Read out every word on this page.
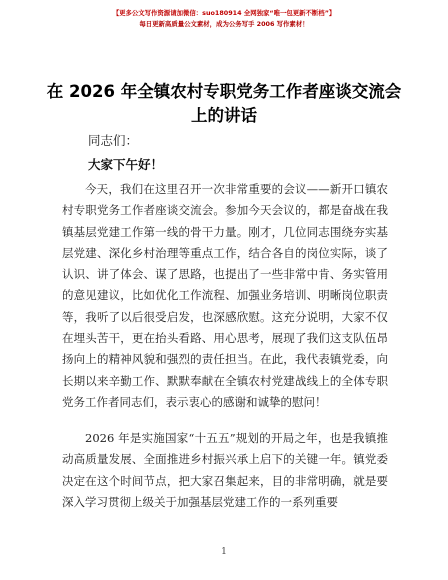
【更多公文写作资源请加微信：suo180914 全网独家“唯一包更新不断档”】
每日更新高质量公文素材，成为公务写手 2006 写作素材！
在 2026 年全镇农村专职党务工作者座谈交流会上的讲话
同志们：
大家下午好！
今天，我们在这里召开一次非常重要的会议——新开口镇农村专职党务工作者座谈交流会。参加今天会议的，都是奋战在我镇基层党建工作第一线的骨干力量。刚才，几位同志围绕夯实基层党建、深化乡村治理等重点工作，结合各自的岗位实际，谈了认识、讲了体会、谋了思路，也提出了一些非常中肯、务实管用的意见建议，比如优化工作流程、加强业务培训、明晰岗位职责等，我听了以后很受启发，也深感欣慰。这充分说明，大家不仅在埋头苦干，更在抬头看路、用心思考，展现了我们这支队伍昂扬向上的精神风貌和强烈的责任担当。在此，我代表镇党委，向长期以来辛勤工作、默默奉献在全镇农村党建战线上的全体专职党务工作者同志们，表示衷心的感谢和诚挚的慰问！
2026 年是实施国家“十五五”规划的开局之年，也是我镇推动高质量发展、全面推进乡村振兴承上启下的关键一年。镇党委决定在这个时间节点，把大家召集起来，目的非常明确，就是要深入学习贯彻上级关于加强基层党建工作的一系列重要
1
